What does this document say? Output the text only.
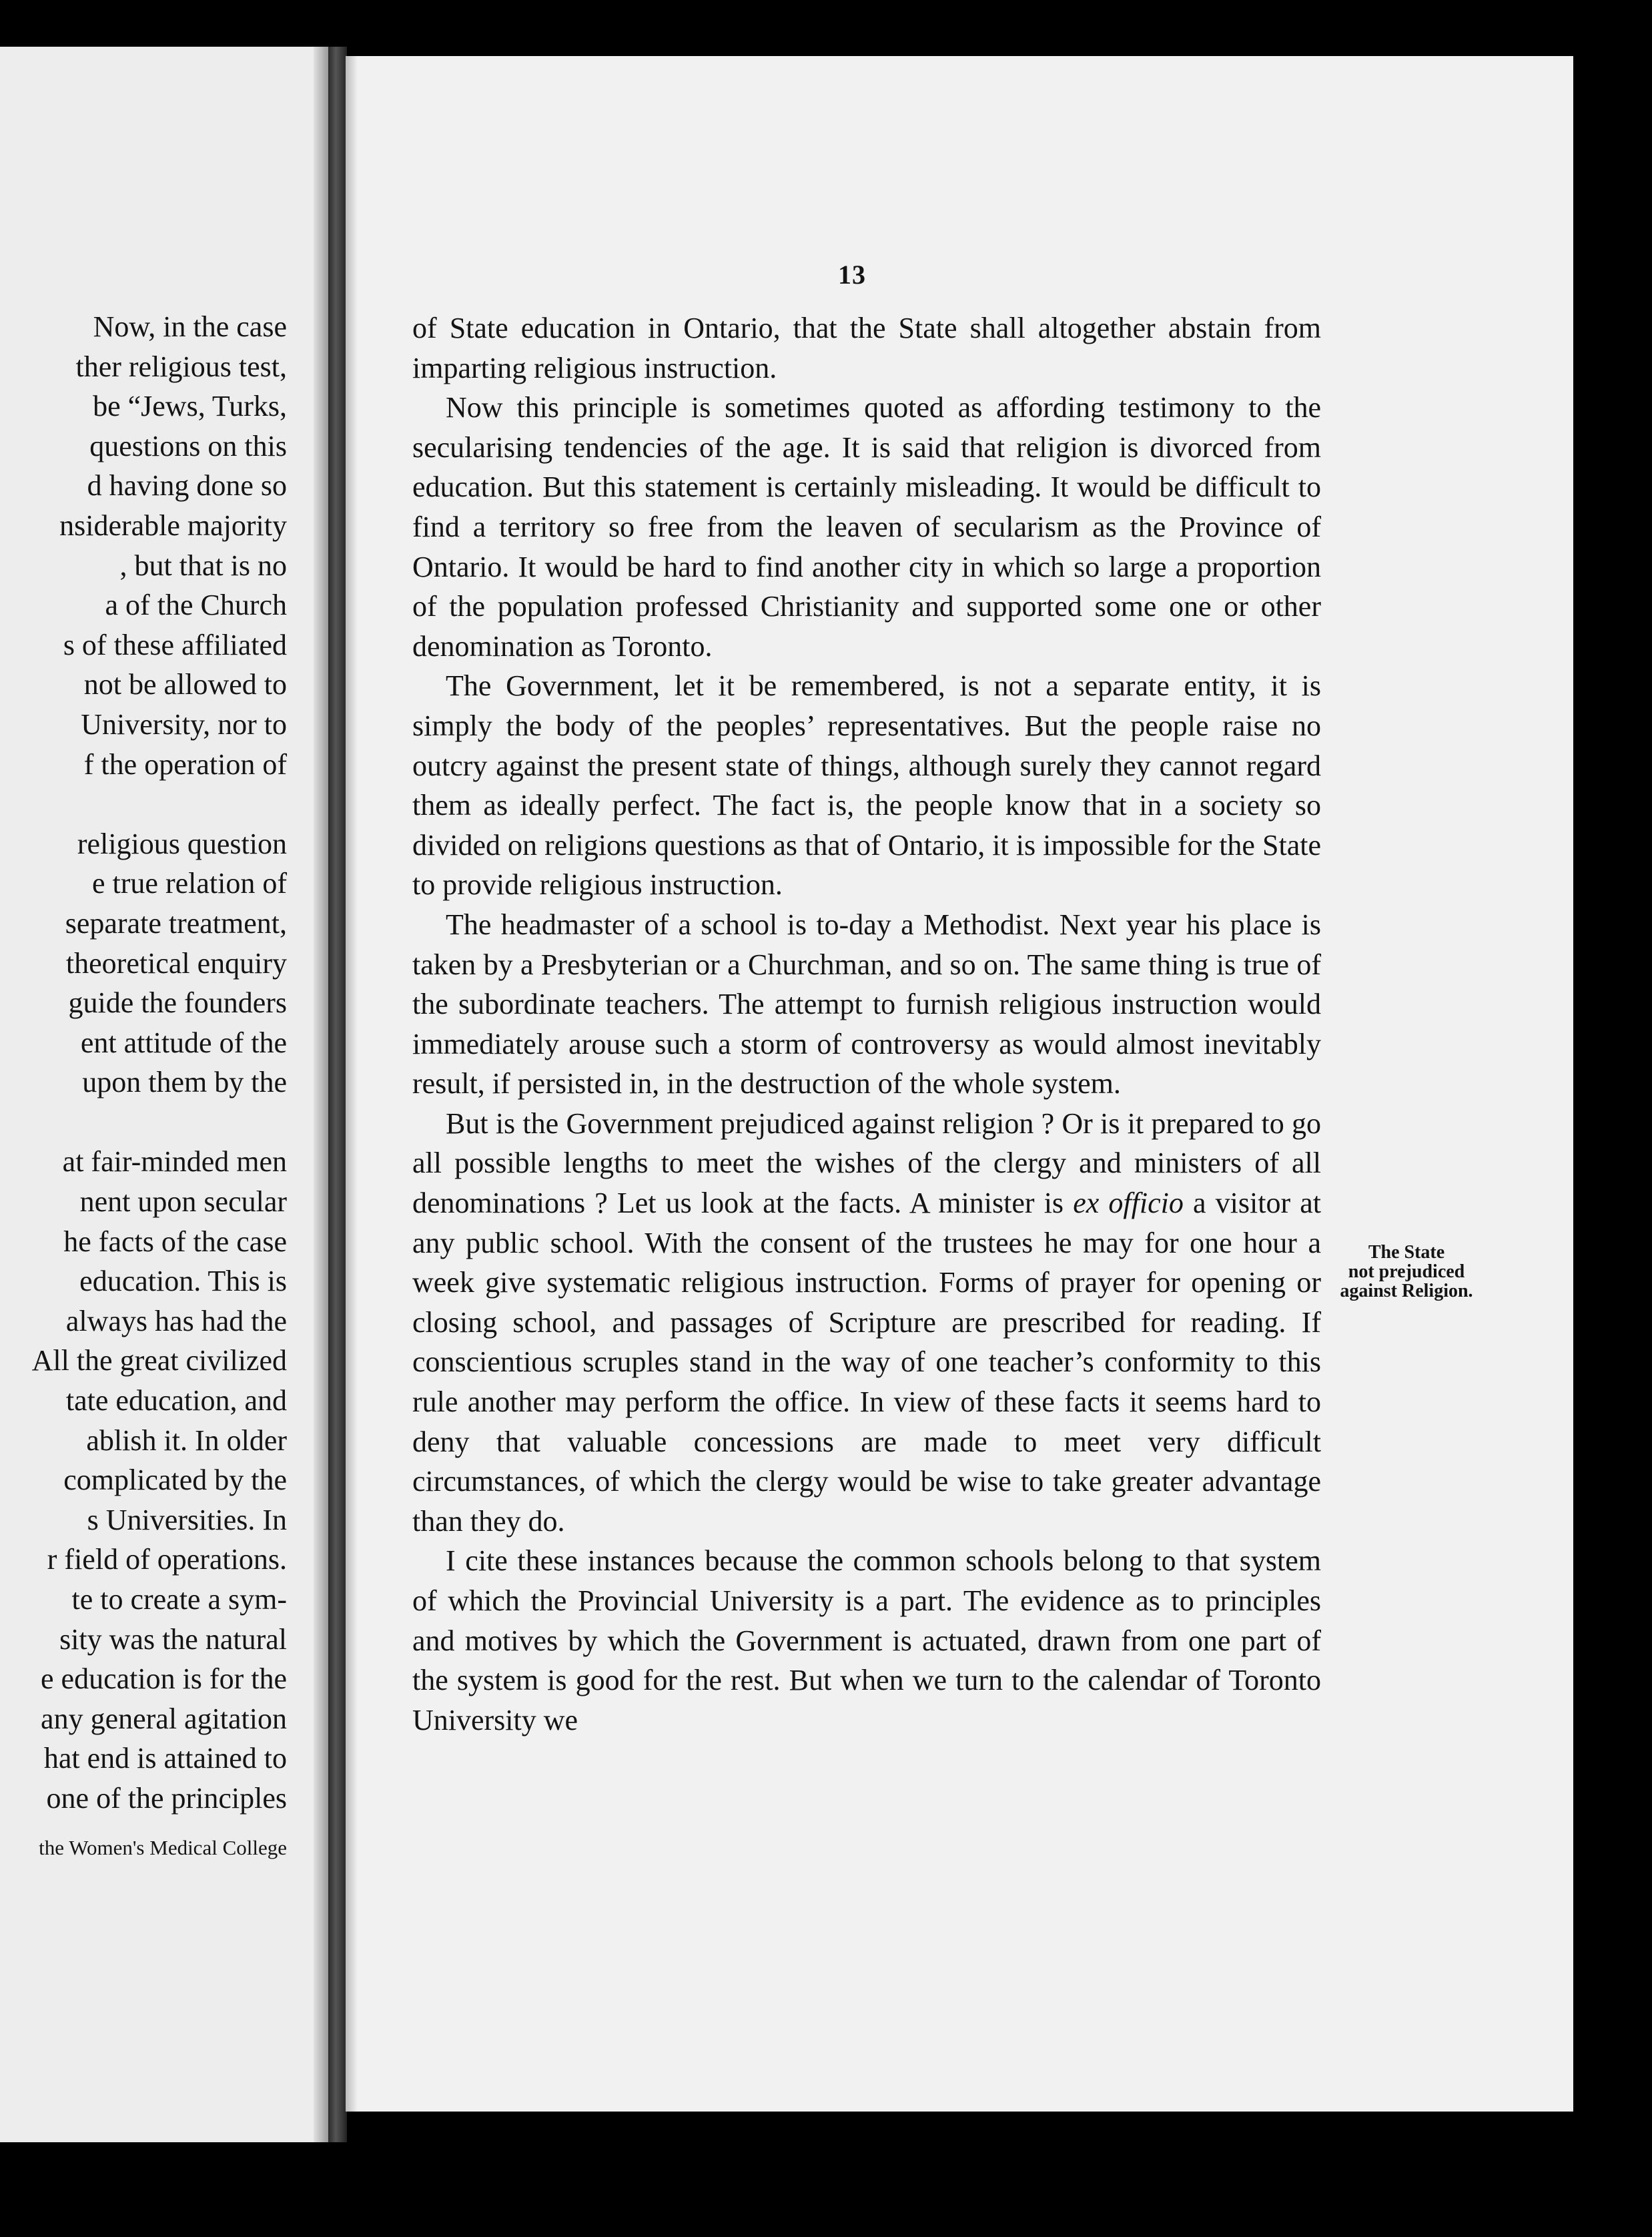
Now, in the case
ther religious test,
be “Jews, Turks,
questions on this
d having done so
nsiderable majority
, but that is no
a of the Church
s of these affiliated
not be allowed to
University, nor to
f the operation of
religious question
e true relation of
separate treatment,
theoretical enquiry
guide the founders
ent attitude of the
upon them by the
at fair-minded men
nent upon secular
he facts of the case
education. This is
always has had the
All the great civilized
tate education, and
ablish it. In older
complicated by the
s Universities. In
r field of operations.
te to create a sym-
sity was the natural
e education is for the
any general agitation
hat end is attained to
one of the principles
the Women's Medical College
13

of State education in Ontario, that the State shall altogether abstain from imparting religious instruction.

Now this principle is sometimes quoted as affording testimony to the secularising tendencies of the age. It is said that religion is divorced from education. But this statement is certainly misleading. It would be difficult to find a territory so free from the leaven of secularism as the Province of Ontario. It would be hard to find another city in which so large a proportion of the population professed Christianity and supported some one or other denomination as Toronto.

The Government, let it be remembered, is not a separate entity, it is simply the body of the peoples’ representatives. But the people raise no outcry against the present state of things, although surely they cannot regard them as ideally perfect. The fact is, the people know that in a society so divided on religions questions as that of Ontario, it is impossible for the State to provide religious instruction.

The headmaster of a school is to-day a Methodist. Next year his place is taken by a Presbyterian or a Churchman, and so on. The same thing is true of the subordinate teachers. The attempt to furnish religious instruction would immediately arouse such a storm of controversy as would almost inevitably result, if persisted in, in the destruction of the whole system.

But is the Government prejudiced against religion ? Or is it prepared to go all possible lengths to meet the wishes of the clergy and ministers of all denominations ? Let us look at the facts. A minister is ex officio a visitor at any public school. With the consent of the trustees he may for one hour a week give systematic religious instruction. Forms of prayer for opening or closing school, and passages of Scripture are prescribed for reading. If conscientious scruples stand in the way of one teacher’s conformity to this rule another may perform the office. In view of these facts it seems hard to deny that valuable concessions are made to meet very difficult circumstances, of which the clergy would be wise to take greater advantage than they do.

I cite these instances because the common schools belong to that system of which the Provincial University is a part. The evidence as to principles and motives by which the Government is actuated, drawn from one part of the system is good for the rest. But when we turn to the calendar of Toronto University we

The State
not prejudiced
against Religion.
